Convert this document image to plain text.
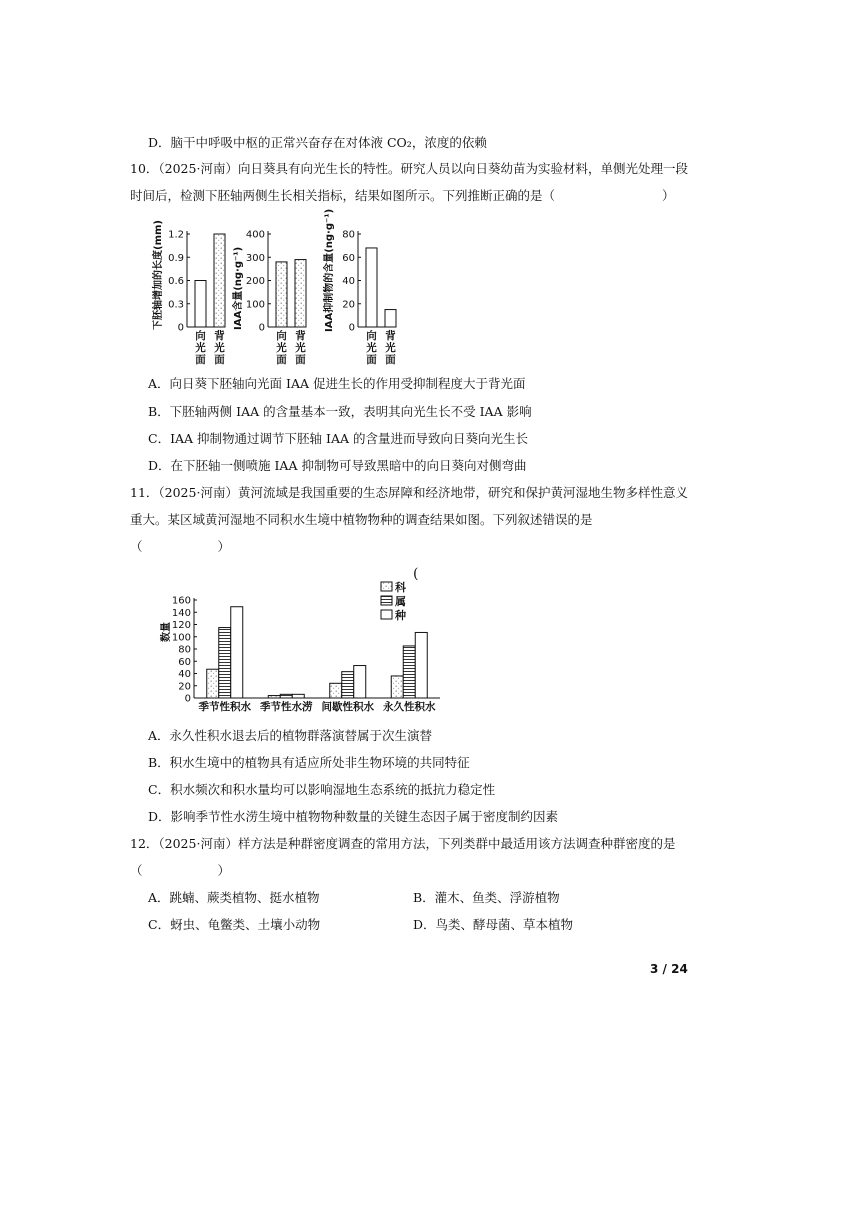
D．脑干中呼吸中枢的正常兴奋存在对体液 CO₂，浓度的依赖
10．（2025·河南）向日葵具有向光生长的特性。研究人员以向日葵幼苗为实验材料，单侧光处理一段
时间后，检测下胚轴两侧生长相关指标，结果如图所示。下列推断正确的是（	）
下胚轴增加的长度(mm) 0
0.3
0.6
0.9
1.2
向
光
面
背
光
面
IAA含量(ng·g⁻¹) 0
100
200
300
400
向
光
面
背
光
面
IAA抑制物的含量(ng·g⁻¹) 0
20
40
60
80
向
光
面
背
光
面
A．向日葵下胚轴向光面 IAA 促进生长的作用受抑制程度大于背光面
B．下胚轴两侧 IAA 的含量基本一致，表明其向光生长不受 IAA 影响
C．IAA 抑制物通过调节下胚轴 IAA 的含量进而导致向日葵向光生长
D．在下胚轴一侧喷施 IAA 抑制物可导致黑暗中的向日葵向对侧弯曲
11．（2025·河南）黄河流域是我国重要的生态屏障和经济地带，研究和保护黄河湿地生物多样性意义
重大。某区域黄河湿地不同积水生境中植物物种的调查结果如图。下列叙述错误的是
（　　　　　　）
(
数量
0
20
40
60
80
100
120
140
160
季节性积水 季节性水涝 间歇性积水 永久性积水
科
属
种
A．永久性积水退去后的植物群落演替属于次生演替
B．积水生境中的植物具有适应所处非生物环境的共同特征
C．积水频次和积水量均可以影响湿地生态系统的抵抗力稳定性
D．影响季节性水涝生境中植物物种数量的关键生态因子属于密度制约因素
12．（2025·河南）样方法是种群密度调查的常用方法，下列类群中最适用该方法调查种群密度的是
（　　　　　　）
A．跳蝻、蕨类植物、挺水植物	B．灌木、鱼类、浮游植物
C．蚜虫、龟鳖类、土壤小动物	D．鸟类、酵母菌、草本植物
3 / 24
